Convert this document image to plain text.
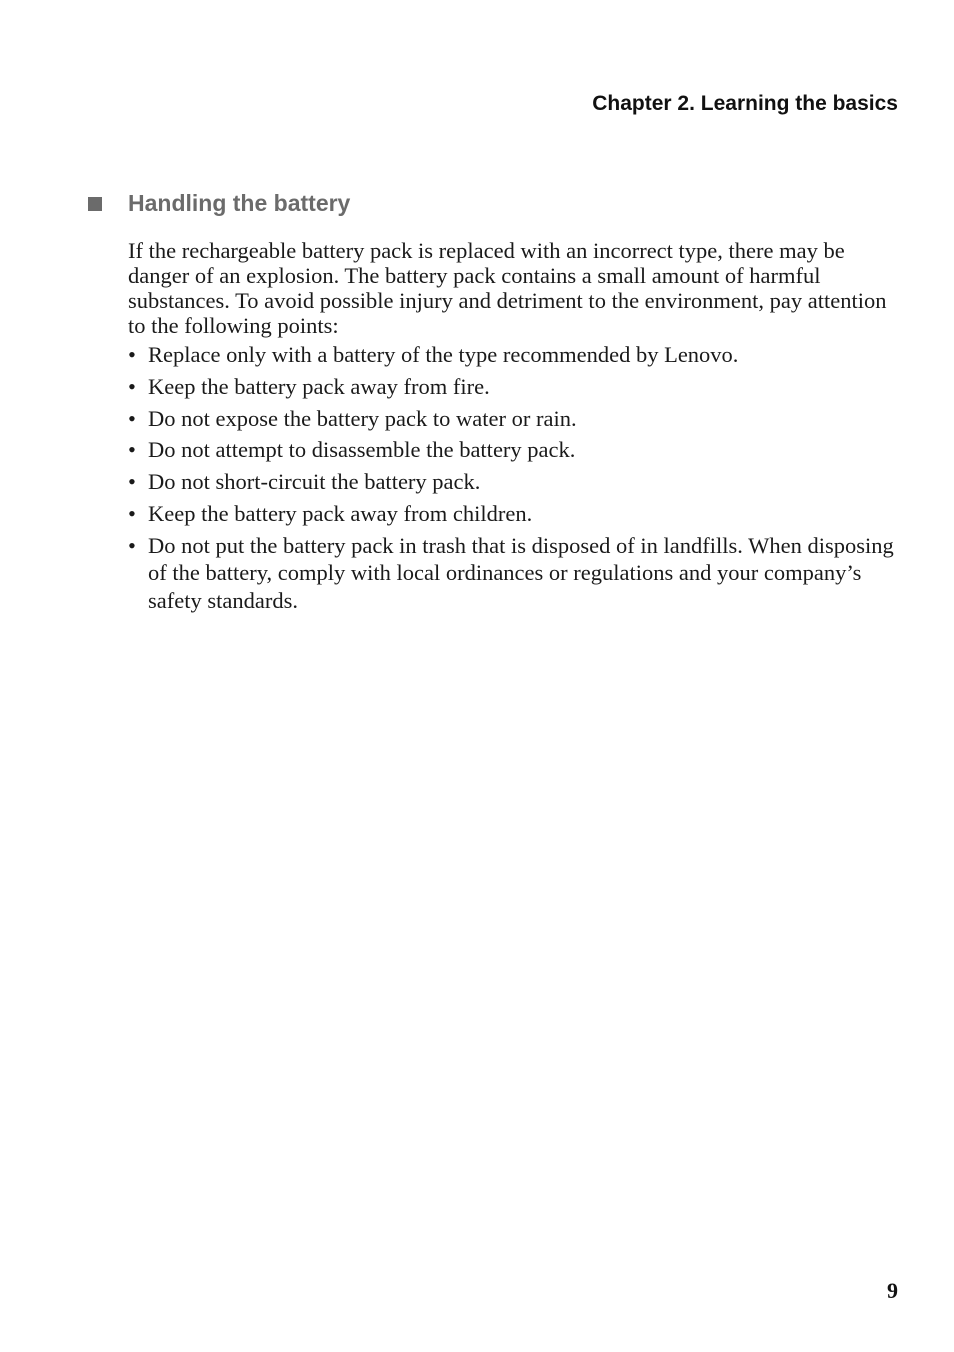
Chapter 2. Learning the basics
Handling the battery

If the rechargeable battery pack is replaced with an incorrect type, there may be danger of an explosion. The battery pack contains a small amount of harmful substances. To avoid possible injury and detriment to the environment, pay attention to the following points:

• Replace only with a battery of the type recommended by Lenovo.
• Keep the battery pack away from fire.
• Do not expose the battery pack to water or rain.
• Do not attempt to disassemble the battery pack.
• Do not short-circuit the battery pack.
• Keep the battery pack away from children.
• Do not put the battery pack in trash that is disposed of in landfills. When disposing of the battery, comply with local ordinances or regulations and your company’s safety standards.
9
